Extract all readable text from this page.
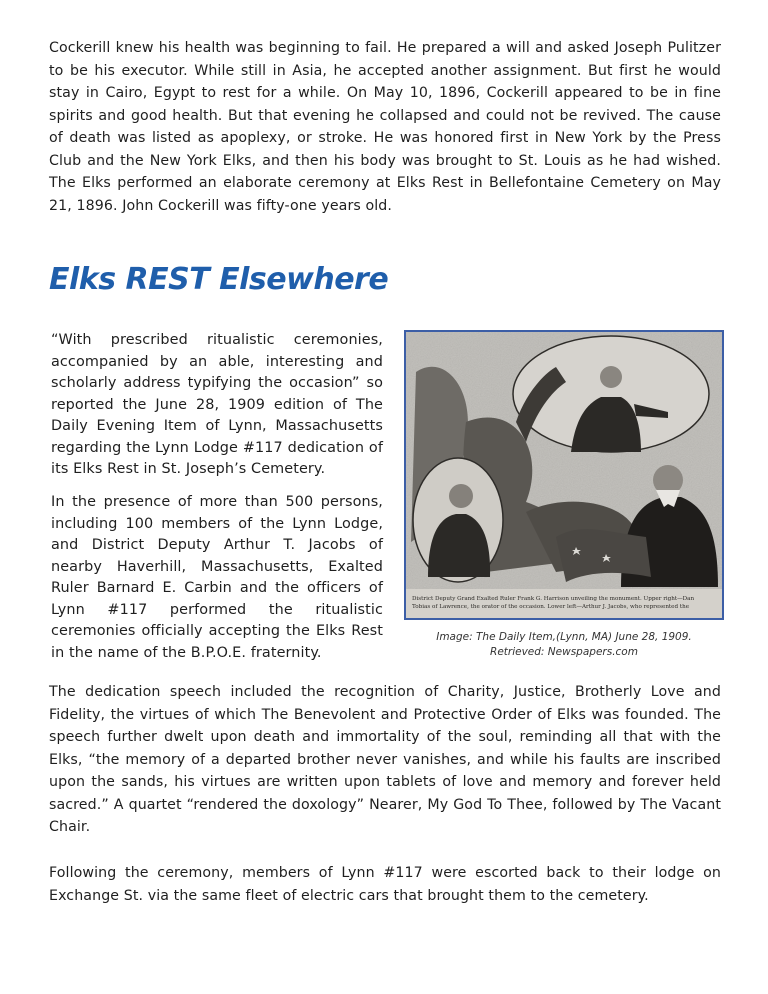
Cockerill knew his health was beginning to fail. He prepared a will and asked Joseph Pulitzer to be his executor. While still in Asia, he accepted another assignment. But first he would stay in Cairo, Egypt to rest for a while. On May 10, 1896, Cockerill appeared to be in fine spirits and good health. But that evening he collapsed and could not be revived. The cause of death was listed as apoplexy, or stroke. He was honored first in New York by the Press Club and the New York Elks, and then his body was brought to St. Louis as he had wished. The Elks performed an elaborate ceremony at Elks Rest in Bellefontaine Cemetery on May 21, 1896. John Cockerill was fifty-one years old.

Elks REST Elsewhere

“With prescribed ritualistic ceremonies, accompanied by an able, interesting and scholarly address typifying the occasion” so reported the June 28, 1909 edition of The Daily Evening Item of Lynn, Massachusetts regarding the Lynn Lodge #117 dedication of its Elks Rest in St. Joseph’s Cemetery.

In the presence of more than 500 persons, including 100 members of the Lynn Lodge, and District Deputy Arthur T. Jacobs of nearby Haverhill, Massachusetts, Exalted Ruler Barnard E. Carbin and the officers of Lynn #117 performed the ritualistic ceremonies officially accepting the Elks Rest in the name of the B.P.O.E. fraternity.

District Deputy Grand Exalted Ruler Frank G. Harrison unveiling the monument. Upper right—Dan
Tobias of Lawrence, the orator of the occasion. Lower left—Arthur J. Jacobs, who represented the

Image: The Daily Item,(Lynn, MA) June 28, 1909.
Retrieved: Newspapers.com

The dedication speech included the recognition of Charity, Justice, Brotherly Love and Fidelity, the virtues of which The Benevolent and Protective Order of Elks was founded. The speech further dwelt upon death and immortality of the soul, reminding all that with the Elks, “the memory of a departed brother never vanishes, and while his faults are inscribed upon the sands, his virtues are written upon tablets of love and memory and forever held sacred.” A quartet “rendered the doxology” Nearer, My God To Thee, followed by The Vacant Chair.

Following the ceremony, members of Lynn #117 were escorted back to their lodge on Exchange St. via the same fleet of electric cars that brought them to the cemetery.
